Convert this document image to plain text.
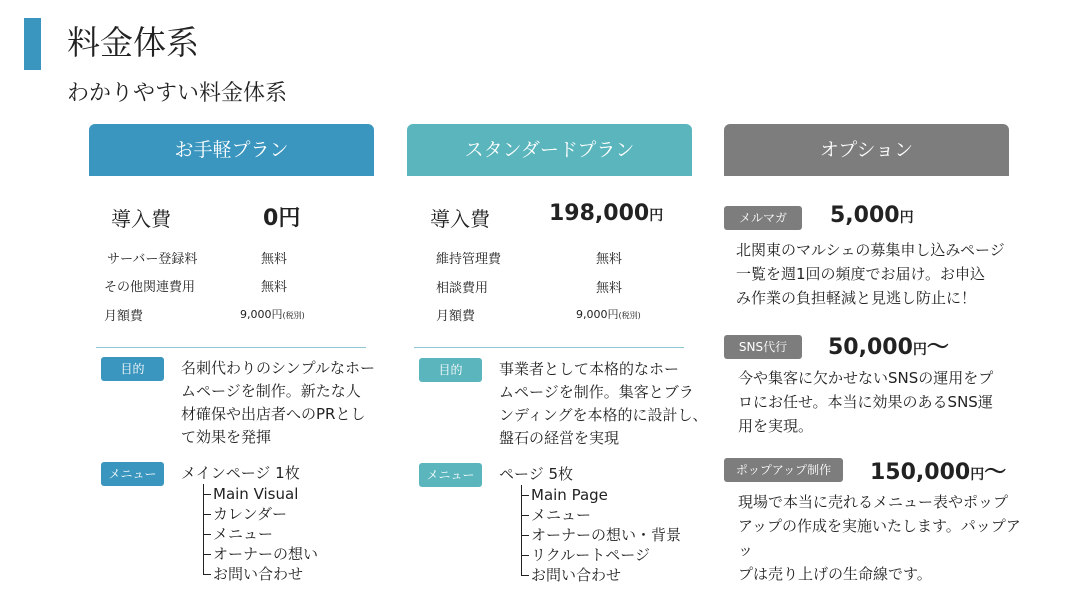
料金体系
わかりやすい料金体系
お手軽プラン
導入費	0円
サーバー登録料	無料
その他関連費用	無料
月額費	9,000円(税別)
目的	名刺代わりのシンプルなホー
ムページを制作。新たな人
材確保や出店者へのPRとし
て効果を発揮
メニュー	メインページ 1枚
Main Visual
カレンダー
メニュー
オーナーの想い
お問い合わせ
スタンダードプラン
導入費	198,000円
維持管理費	無料
相談費用	無料
月額費	9,000円(税別)
目的	事業者として本格的なホー
ムページを制作。集客とブラ
ンディングを本格的に設計し、
盤石の経営を実現
メニュー	ページ 5枚
Main Page
メニュー
オーナーの想い・背景
リクルートページ
お問い合わせ
オプション
メルマガ	5,000円
北関東のマルシェの募集申し込みページ
一覧を週1回の頻度でお届け。お申込
み作業の負担軽減と見逃し防止に！
SNS代行	50,000円〜
今や集客に欠かせないSNSの運用をプ
ロにお任せ。本当に効果のあるSNS運
用を実現。
ポップアップ制作	150,000円〜
現場で本当に売れるメニュー表やポップ
アップの作成を実施いたします。パップアッ
プは売り上げの生命線です。
